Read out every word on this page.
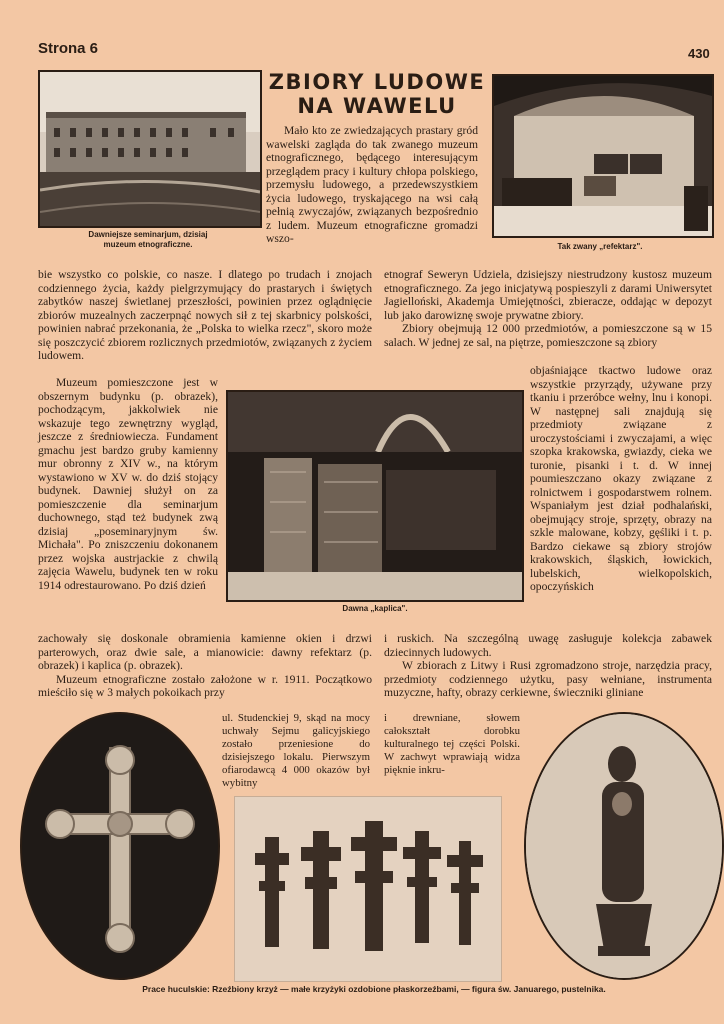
Strona 6	430
Dawniejsze seminarjum, dzisiaj muzeum etnograficzne.
ZBIORY LUDOWE NA WAWELU
Tak zwany „refektarz".

Mało kto ze zwiedzających prastary gród wawelski zagląda do tak zwanego muzeum etnograficznego, będącego interesującym przeglądem pracy i kultury chłopa polskiego, przemysłu ludowego, a przedewszystkiem życia ludowego, tryskającego na wsi całą pełnią zwyczajów, związanych bezpośrednio z ludem. Muzeum etnograficzne gromadzi wszo-

bie wszystko co polskie, co nasze. I dlatego po trudach i znojach codziennego życia, każdy pielgrzymujący do prastarych i świętych zabytków naszej świetlanej przeszłości, powinien przez oglądnięcie zbiorów muzealnych zaczerpnąć nowych sił z tej skarbnicy polskości, powinien nabrać przekonania, że „Polska to wielka rzecz", skoro może się poszczycić zbiorem rozlicznych przedmiotów, związanych z życiem ludowem.

etnograf Seweryn Udziela, dzisiejszy niestrudzony kustosz muzeum etnograficznego. Za jego inicjatywą pospieszyli z darami Uniwersytet Jagielloński, Akademja Umiejętności, zbieracze, oddając w depozyt lub jako darowiznę swoje prywatne zbiory.

Zbiory obejmują 12 000 przedmiotów, a pomieszczone są w 15 salach. W jednej ze sal, na piętrze, pomieszczone są zbiory

Muzeum pomieszczone jest w obszernym budynku (p. obrazek), pochodzącym, jakkolwiek nie wskazuje tego zewnętrzny wygląd, jeszcze z średniowiecza. Fundament gmachu jest bardzo gruby kamienny mur obronny z XIV w., na którym wystawiono w XV w. do dziś stojący budynek. Dawniej służył on za pomieszczenie dla seminarjum duchownego, stąd też budynek zwą dzisiaj „poseminaryjnym św. Michała". Po zniszczeniu dokonanem przez wojska austrjackie z chwilą zajęcia Wawelu, budynek ten w roku 1914 odrestaurowano. Po dziś dzień

Dawna „kaplica".

objaśniające tkactwo ludowe oraz wszystkie przyrządy, używane przy tkaniu i przeróbce wełny, lnu i konopi. W następnej sali znajdują się przedmioty związane z uroczystościami i zwyczajami, a więc szopka krakowska, gwiazdy, cieka we turonie, pisanki i t. d. W innej poumieszczano okazy związane z rolnictwem i gospodarstwem rolnem. Wspaniałym jest dział podhalański, obejmujący stroje, sprzęty, obrazy na szkle malowane, kobzy, gęśliki i t. p. Bardzo ciekawe są zbiory strojów krakowskich, śląskich, łowickich, lubelskich, wielkopolskich, opoczyńskich

zachowały się doskonale obramienia kamienne okien i drzwi parterowych, oraz dwie sale, a mianowicie: dawny refektarz (p. obrazek) i kaplica (p. obrazek).

Muzeum etnograficzne zostało założone w r. 1911. Początkowo mieściło się w 3 małych pokoikach przy

i ruskich. Na szczególną uwagę zasługuje kolekcja zabawek dziecinnych ludowych.

W zbiorach z Litwy i Rusi zgromadzono stroje, narzędzia pracy, przedmioty codziennego użytku, pasy wełniane, instrumenta muzyczne, hafty, obrazy cerkiewne, świeczniki gliniane

ul. Studenckiej 9, skąd na mocy uchwały Sejmu galicyjskiego zostało przeniesione do dzisiejszego lokalu. Pierwszym ofiarodawcą 4 000 okazów był wybitny

i drewniane, słowem całokształt dorobku kulturalnego tej części Polski. W zachwyt wprawiają widza pięknie inkru-

Prace huculskie: Rzeźbiony krzyż — małe krzyżyki ozdobione płaskorzeźbami, — figura św. Januarego, pustelnika.
